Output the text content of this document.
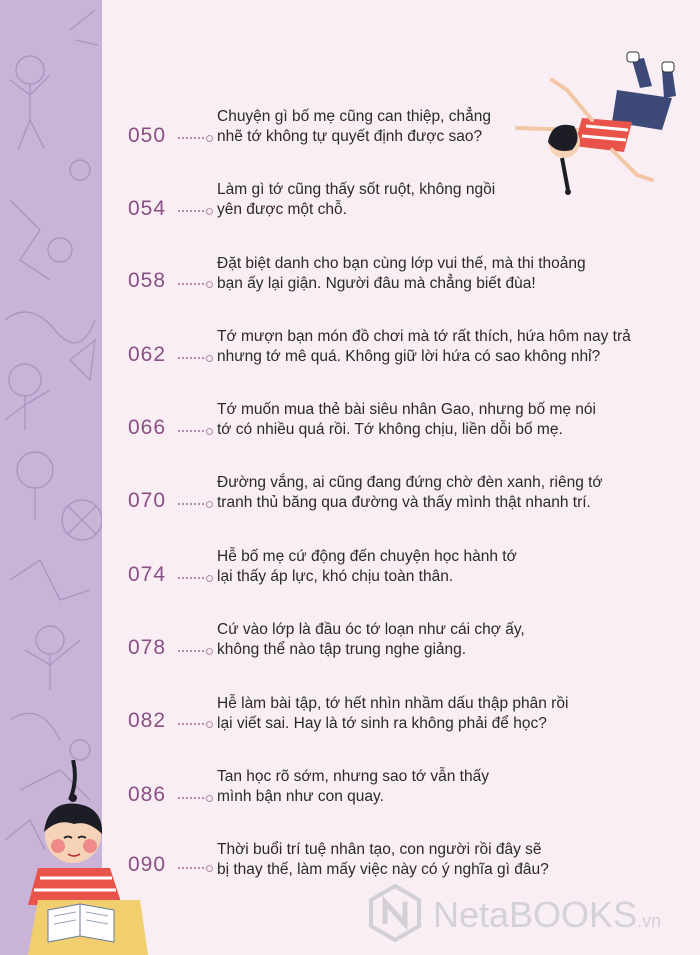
050
Chuyện gì bố mẹ cũng can thiệp, chẳng
nhẽ tớ không tự quyết định được sao?
054
Làm gì tớ cũng thấy sốt ruột, không ngồi
yên được một chỗ.
058
Đặt biệt danh cho bạn cùng lớp vui thế, mà thi thoảng
bạn ấy lại giận. Người đâu mà chẳng biết đùa!
062
Tớ mượn bạn món đồ chơi mà tớ rất thích, hứa hôm nay trả
nhưng tớ mê quá. Không giữ lời hứa có sao không nhỉ?
066
Tớ muốn mua thẻ bài siêu nhân Gao, nhưng bố mẹ nói
tớ có nhiều quá rồi. Tớ không chịu, liền dỗi bố mẹ.
070
Đường vắng, ai cũng đang đứng chờ đèn xanh, riêng tớ
tranh thủ băng qua đường và thấy mình thật nhanh trí.
074
Hễ bố mẹ cứ động đến chuyện học hành tớ
lại thấy áp lực, khó chịu toàn thân.
078
Cứ vào lớp là đầu óc tớ loạn như cái chợ ấy,
không thể nào tập trung nghe giảng.
082
Hễ làm bài tập, tớ hết nhìn nhầm dấu thập phân rồi
lại viết sai. Hay là tớ sinh ra không phải để học?
086
Tan học rõ sớm, nhưng sao tớ vẫn thấy
mình bận như con quay.
090
Thời buổi trí tuệ nhân tạo, con người rồi đây sẽ
bị thay thế, làm mấy việc này có ý nghĩa gì đâu?
NetaBOOKS.vn
